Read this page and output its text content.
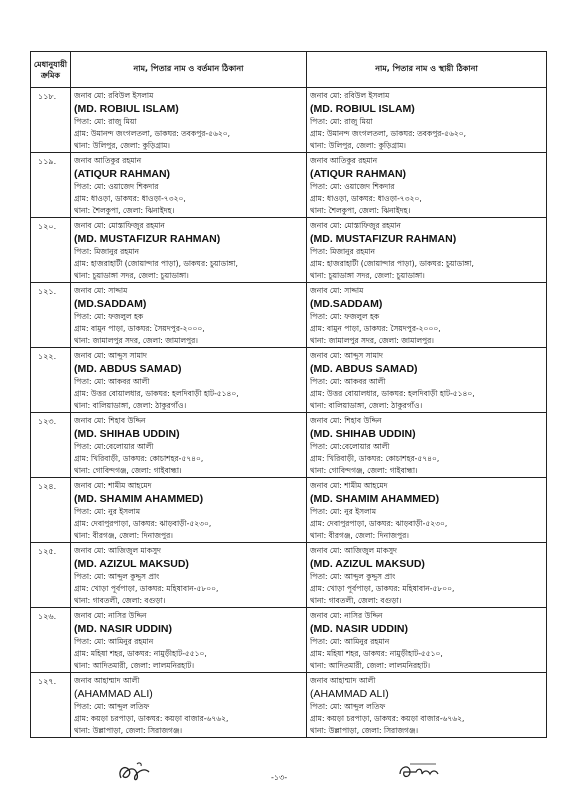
মেধানুযায়ী ক্রমিক	নাম, পিতার নাম ও বর্তমান ঠিকানা	নাম, পিতার নাম ও স্থায়ী ঠিকানা
১১৮.	জনাব মো: রবিউল ইসলাম
(MD. ROBIUL ISLAM)
পিতা: মো: রাজু মিয়া
গ্রাম: উমানন্দ জংগলতলা, ডাকঘর: তবকপুর-৫৬২০,
থানা: উলিপুর, জেলা: কুড়িগ্রাম।	জনাব মো: রবিউল ইসলাম
(MD. ROBIUL ISLAM)
পিতা: মো: রাজু মিয়া
গ্রাম: উমানন্দ জংগলতলা, ডাকঘর: তবকপুর-৫৬২০,
থানা: উলিপুর, জেলা: কুড়িগ্রাম।

১১৯.	জনাব আতিকুর রহমান
(ATIQUR RAHMAN)
পিতা: মো: ওয়াজেদ শিকদার
গ্রাম: ধাওড়া, ডাকঘর: ধাওড়া-৭৩২০,
থানা: শৈলকুপা, জেলা: ঝিনাইদহ।	জনাব আতিকুর রহমান
(ATIQUR RAHMAN)
পিতা: মো: ওয়াজেদ শিকদার
গ্রাম: ধাওড়া, ডাকঘর: ধাওড়া-৭৩২০,
থানা: শৈলকুপা, জেলা: ঝিনাইদহ।

১২০.	জনাব মো: মোস্তাফিজুর রহমান
(MD. MUSTAFIZUR RAHMAN)
পিতা: মিজানুর রহমান
গ্রাম: হাজরাহাটী (জোয়ান্দার পাড়া), ডাকঘর: চুয়াডাঙ্গা,
থানা: চুয়াডাঙ্গা সদর, জেলা: চুয়াডাঙ্গা।	জনাব মো: মোস্তাফিজুর রহমান
(MD. MUSTAFIZUR RAHMAN)
পিতা: মিজানুর রহমান
গ্রাম: হাজরাহাটী (জোয়ান্দার পাড়া), ডাকঘর: চুয়াডাঙ্গা,
থানা: চুয়াডাঙ্গা সদর, জেলা: চুয়াডাঙ্গা।

১২১.	জনাব মো: সাদ্দাম
(MD.SADDAM)
পিতা: মো: ফজলুল হক
গ্রাম: বামুন পাড়া, ডাকঘর: সৈয়দপুর-২০০০,
থানা: জামালপুর সদর, জেলা: জামালপুর।	জনাব মো: সাদ্দাম
(MD.SADDAM)
পিতা: মো: ফজলুল হক
গ্রাম: বামুন পাড়া, ডাকঘর: সৈয়দপুর-২০০০,
থানা: জামালপুর সদর, জেলা: জামালপুর।

১২২.	জনাব মো: আব্দুস সামাদ
(MD. ABDUS SAMAD)
পিতা: মো: আকবর আলী
গ্রাম: উত্তর বোয়ালধার, ডাকঘর: হলদিবাড়ী হাট-৫১৪০,
থানা: বালিয়াডাঙ্গা, জেলা: ঠাকুরগাঁও।	জনাব মো: আব্দুস সামাদ
(MD. ABDUS SAMAD)
পিতা: মো: আকবর আলী
গ্রাম: উত্তর বোয়ালধার, ডাকঘর: হলদিবাড়ী হাট-৫১৪০,
থানা: বালিয়াডাঙ্গা, জেলা: ঠাকুরগাঁও।

১২৩.	জনাব মো: শিহাব উদ্দিন
(MD. SHIHAB UDDIN)
পিতা: মো:বেলোয়ার আলী
গ্রাম: খিরিবাড়ী, ডাকঘর: কোচাশহর-৫৭৪০,
থানা: গোবিন্দগঞ্জ, জেলা: গাইবান্ধা।	জনাব মো: শিহাব উদ্দিন
(MD. SHIHAB UDDIN)
পিতা: মো:বেলোয়ার আলী
গ্রাম: খিরিবাড়ী, ডাকঘর: কোচাশহর-৫৭৪০,
থানা: গোবিন্দগঞ্জ, জেলা: গাইবান্ধা।

১২৪.	জনাব মো: শামীম আহমেদ
(MD. SHAMIM AHAMMED)
পিতা: মো: নুর ইসলাম
গ্রাম: দেবাপুরপাড়া, ডাকঘর: ঝাড়বাড়ী-৫২৩০,
থানা: বীরগঞ্জ, জেলা: দিনাজপুর।	জনাব মো: শামীম আহমেদ
(MD. SHAMIM AHAMMED)
পিতা: মো: নুর ইসলাম
গ্রাম: দেবাপুরপাড়া, ডাকঘর: ঝাড়বাড়ী-৫২৩০,
থানা: বীরগঞ্জ, জেলা: দিনাজপুর।

১২৫.	জনাব মো: আজিজুল মাকসুদ
(MD. AZIZUL MAKSUD)
পিতা: মো: আব্দুল কুদ্দুস প্রাং
গ্রাম: খোড়া পূর্বপাড়া, ডাকঘর: মহিষাবান-৫৮০০,
থানা: গাবতলী, জেলা: বগুড়া।	জনাব মো: আজিজুল মাকসুদ
(MD. AZIZUL MAKSUD)
পিতা: মো: আব্দুল কুদ্দুস প্রাং
গ্রাম: খোড়া পূর্বপাড়া, ডাকঘর: মহিষাবান-৫৮০০,
থানা: গাবতলী, জেলা: বগুড়া।

১২৬.	জনাব মো: নাসির উদ্দিন
(MD. NASIR UDDIN)
পিতা: মো: আমিনুর রহমান
গ্রাম: মহিষা শহর, ডাকঘর: নামুড়ীহাট-৫৫১০,
থানা: আদিতমারী, জেলা: লালমনিরহাট।	জনাব মো: নাসির উদ্দিন
(MD. NASIR UDDIN)
পিতা: মো: আমিনুর রহমান
গ্রাম: মহিষা শহর, ডাকঘর: নামুড়ীহাট-৫৫১০,
থানা: আদিতমারী, জেলা: লালমনিরহাট।

১২৭.	জনাব আহাম্মাদ আলী
(AHAMMAD ALI)
পিতা: মো: আব্দুল লতিফ
গ্রাম: কয়ড়া চরপাড়া, ডাকঘর: কয়ড়া বাজার-৬৭৬২,
থানা: উল্লাপাড়া, জেলা: সিরাজগঞ্জ।	জনাব আহাম্মাদ আলী
(AHAMMAD ALI)
পিতা: মো: আব্দুল লতিফ
গ্রাম: কয়ড়া চরপাড়া, ডাকঘর: কয়ড়া বাজার-৬৭৬২,
থানা: উল্লাপাড়া, জেলা: সিরাজগঞ্জ।
-১৩-
